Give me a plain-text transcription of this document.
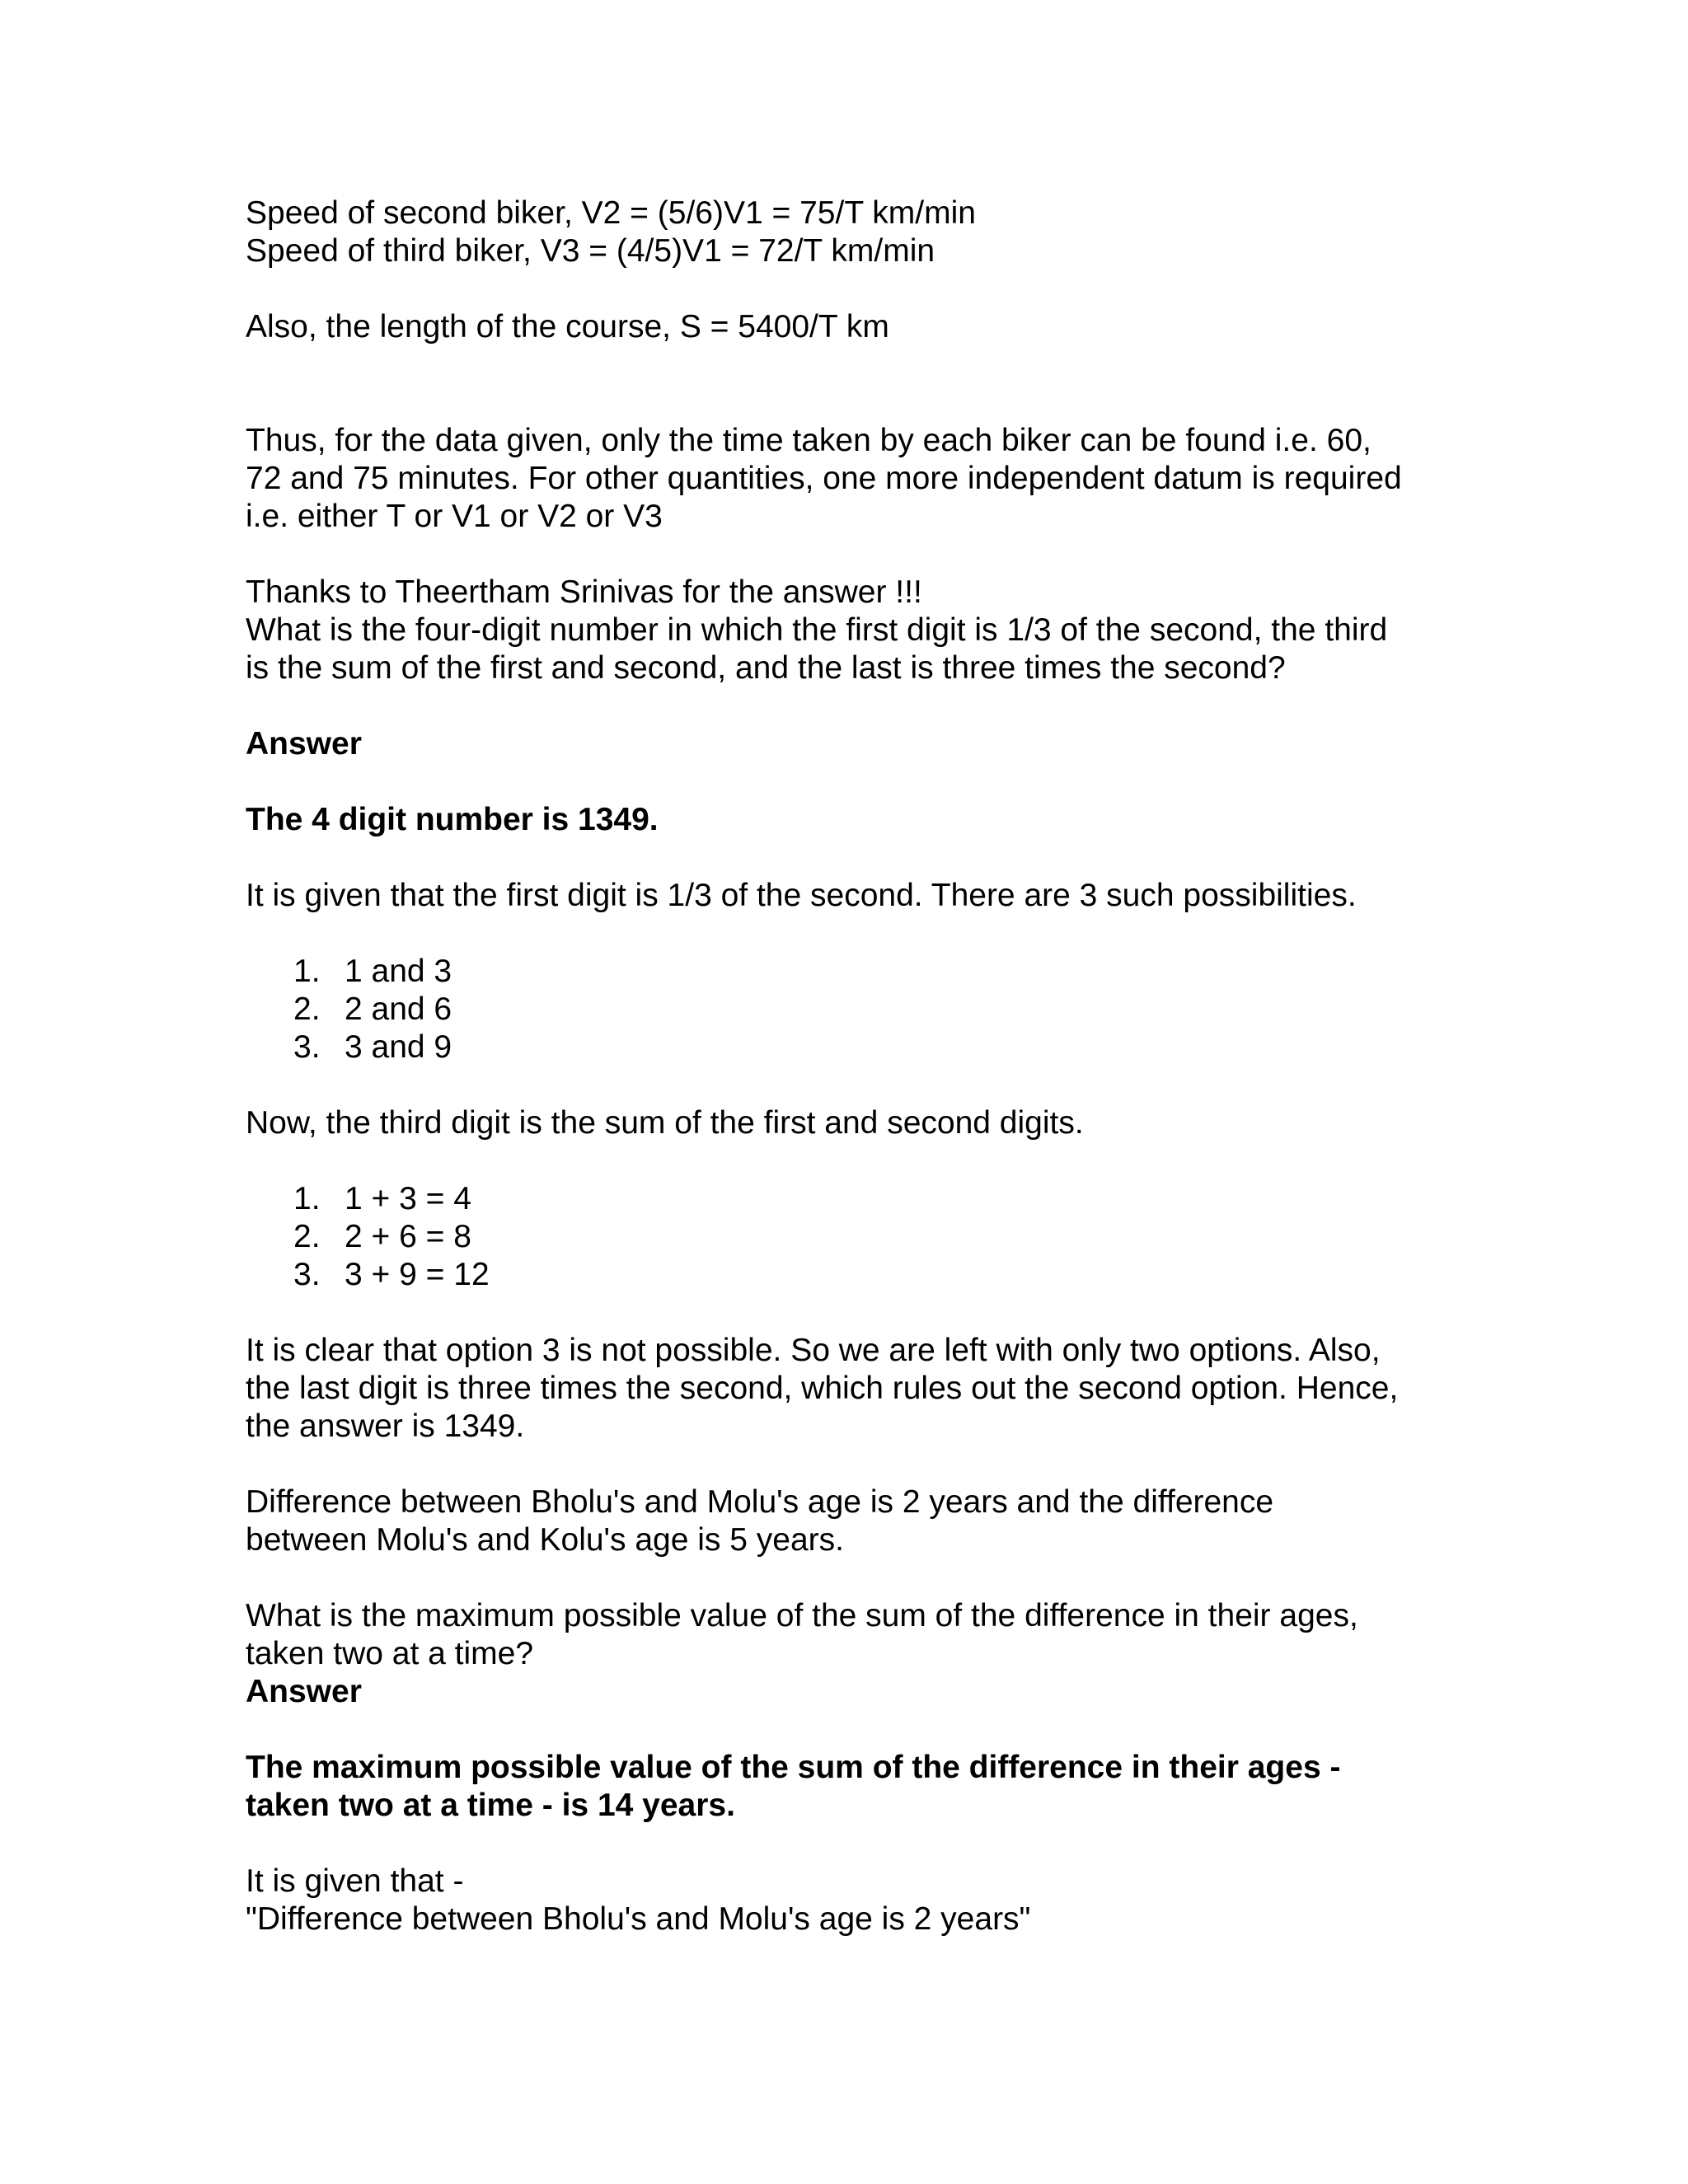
Speed of second biker, V2 = (5/6)V1 = 75/T km/min

Speed of third biker, V3 = (4/5)V1 = 72/T km/min

Also, the length of the course, S = 5400/T km

Thus, for the data given, only the time taken by each biker can be found i.e. 60,

72 and 75 minutes. For other quantities, one more independent datum is required

i.e. either T or V1 or V2 or V3

Thanks to Theertham Srinivas for the answer !!!

What is the four-digit number in which the first digit is 1/3 of the second, the third

is the sum of the first and second, and the last is three times the second?

Answer

The 4 digit number is 1349.

It is given that the first digit is 1/3 of the second. There are 3 such possibilities.

1. 1 and 3
2. 2 and 6
3. 3 and 9

Now, the third digit is the sum of the first and second digits.

1. 1 + 3 = 4
2. 2 + 6 = 8
3. 3 + 9 = 12

It is clear that option 3 is not possible. So we are left with only two options. Also,

the last digit is three times the second, which rules out the second option. Hence,

the answer is 1349.

Difference between Bholu's and Molu's age is 2 years and the difference

between Molu's and Kolu's age is 5 years.

What is the maximum possible value of the sum of the difference in their ages,

taken two at a time?

Answer

The maximum possible value of the sum of the difference in their ages -

taken two at a time - is 14 years.

It is given that -

"Difference between Bholu's and Molu's age is 2 years"
